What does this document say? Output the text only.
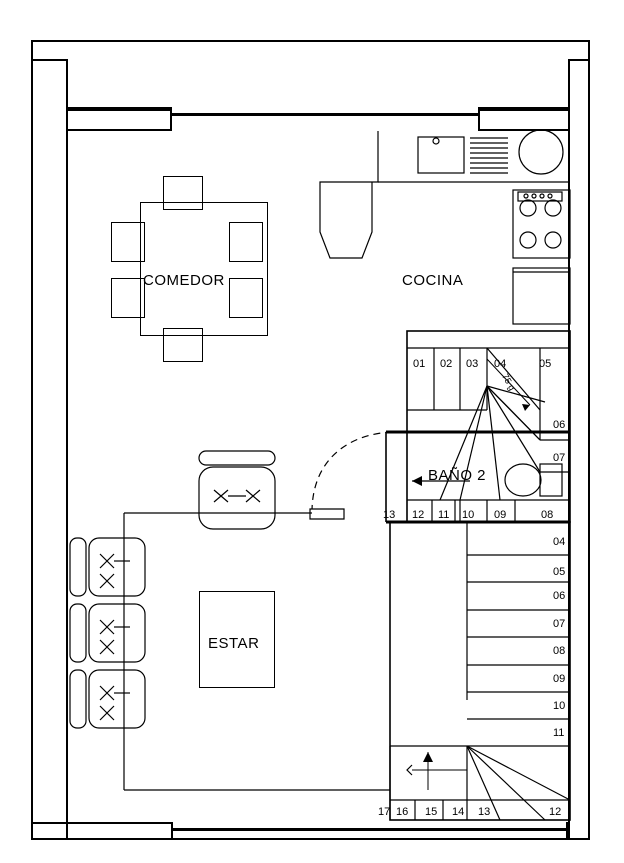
COMEDOR	COCINA
ESTAR
BAÑO 2
01 02 03 04	05
06
07
08
13 12 11 10 09
75 g
04
05
06
07
08
09
10
11
12
17 16 15 14 13
